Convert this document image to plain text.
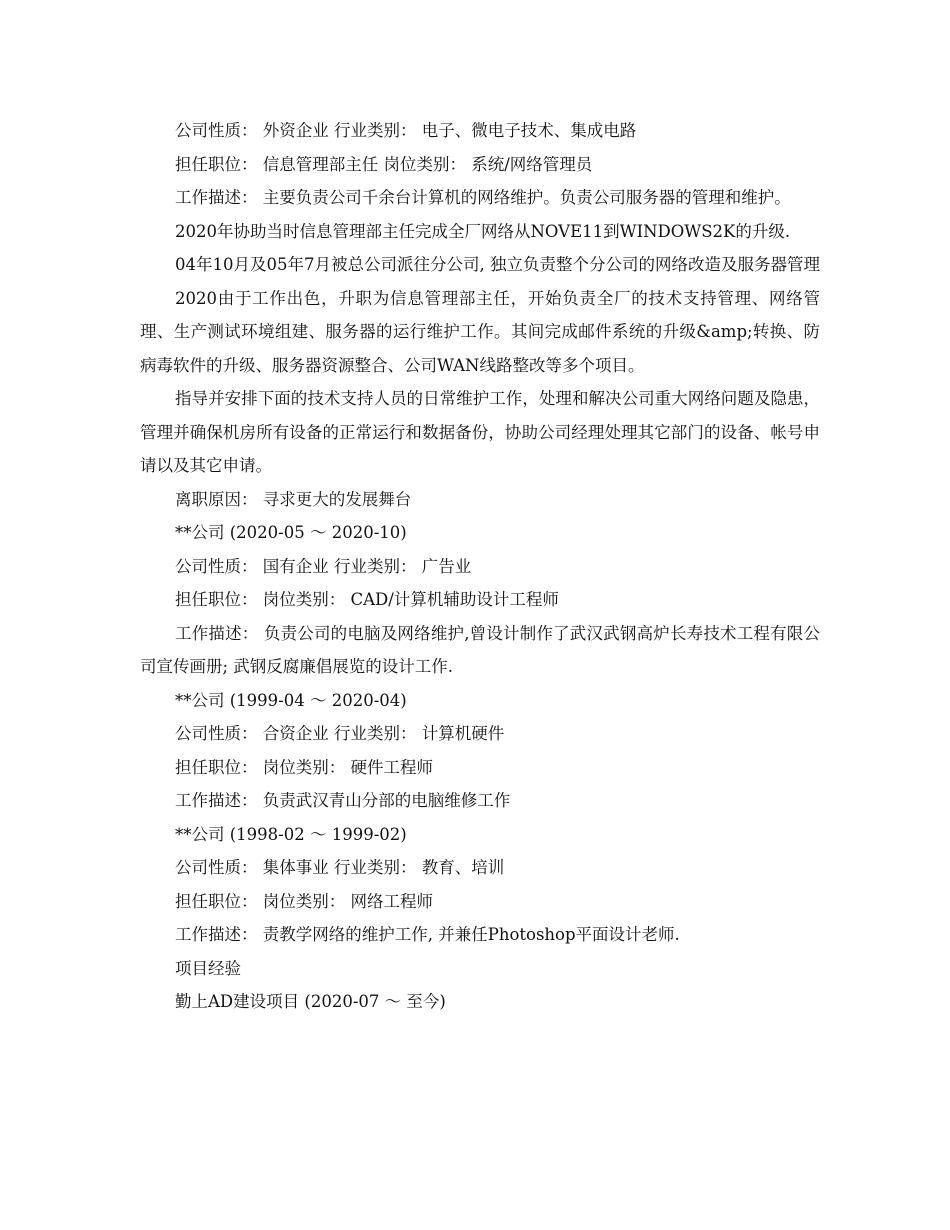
公司性质： 外资企业 行业类别： 电子、微电子技术、集成电路

担任职位： 信息管理部主任 岗位类别： 系统/网络管理员

工作描述： 主要负责公司千余台计算机的网络维护。负责公司服务器的管理和维护。

2020年协助当时信息管理部主任完成全厂网络从NOVE11到WINDOWS2K的升级.

04年10月及05年7月被总公司派往分公司, 独立负责整个分公司的网络改造及服务器管理

2020由于工作出色，升职为信息管理部主任，开始负责全厂的技术支持管理、网络管理、生产测试环境组建、服务器的运行维护工作。其间完成邮件系统的升级&amp;转换、防病毒软件的升级、服务器资源整合、公司WAN线路整改等多个项目。

指导并安排下面的技术支持人员的日常维护工作，处理和解决公司重大网络问题及隐患，管理并确保机房所有设备的正常运行和数据备份，协助公司经理处理其它部门的设备、帐号申请以及其它申请。

离职原因： 寻求更大的发展舞台

**公司 (2020-05 ～ 2020-10)

公司性质： 国有企业 行业类别： 广告业

担任职位： 岗位类别： CAD/计算机辅助设计工程师

工作描述： 负责公司的电脑及网络维护,曾设计制作了武汉武钢高炉长寿技术工程有限公司宣传画册; 武钢反腐廉倡展览的设计工作.

**公司 (1999-04 ～ 2020-04)

公司性质： 合资企业 行业类别： 计算机硬件

担任职位： 岗位类别： 硬件工程师

工作描述： 负责武汉青山分部的电脑维修工作

**公司 (1998-02 ～ 1999-02)

公司性质： 集体事业 行业类别： 教育、培训

担任职位： 岗位类别： 网络工程师

工作描述： 责教学网络的维护工作, 并兼任Photoshop平面设计老师.

项目经验

勤上AD建设项目 (2020-07 ～ 至今)
